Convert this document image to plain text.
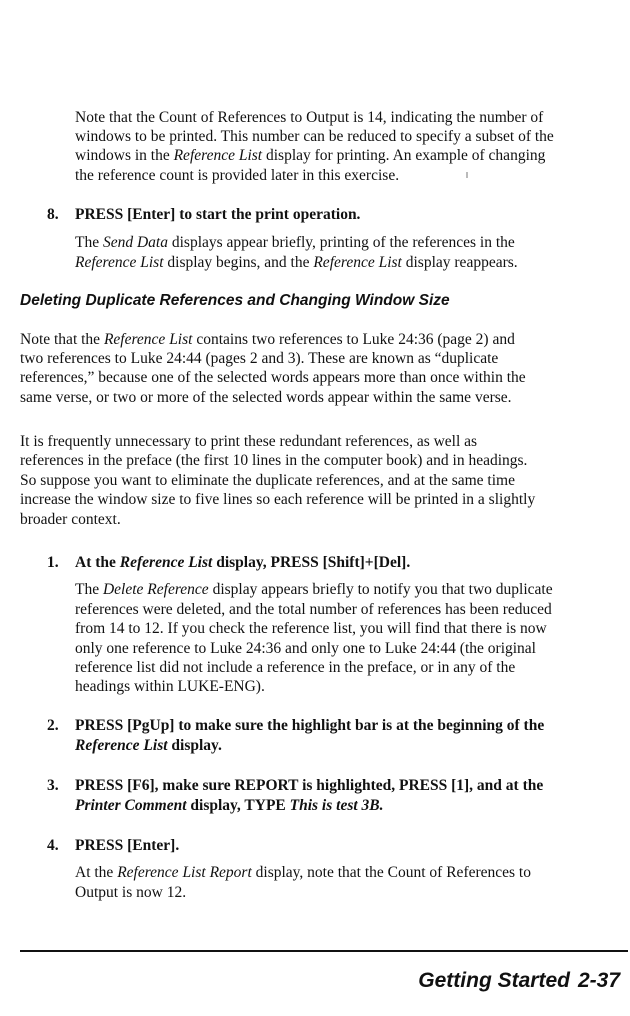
Note that the Count of References to Output is 14, indicating the number of
windows to be printed. This number can be reduced to specify a subset of the
windows in the Reference List display for printing. An example of changing
the reference count is provided later in this exercise.
8. PRESS [Enter] to start the print operation.
The Send Data displays appear briefly, printing of the references in the
Reference List display begins, and the Reference List display reappears.
Deleting Duplicate References and Changing Window Size
Note that the Reference List contains two references to Luke 24:36 (page 2) and
two references to Luke 24:44 (pages 2 and 3). These are known as “duplicate
references,” because one of the selected words appears more than once within the
same verse, or two or more of the selected words appear within the same verse.
It is frequently unnecessary to print these redundant references, as well as
references in the preface (the first 10 lines in the computer book) and in headings.
So suppose you want to eliminate the duplicate references, and at the same time
increase the window size to five lines so each reference will be printed in a slightly
broader context.
1. At the Reference List display, PRESS [Shift]+[Del].
The Delete Reference display appears briefly to notify you that two duplicate
references were deleted, and the total number of references has been reduced
from 14 to 12. If you check the reference list, you will find that there is now
only one reference to Luke 24:36 and only one to Luke 24:44 (the original
reference list did not include a reference in the preface, or in any of the
headings within LUKE-ENG).
2. PRESS [PgUp] to make sure the highlight bar is at the beginning of the
Reference List display.
3. PRESS [F6], make sure REPORT is highlighted, PRESS [1], and at the
Printer Comment display, TYPE This is test 3B.
4. PRESS [Enter].
At the Reference List Report display, note that the Count of References to
Output is now 12.
Getting Started 2-37
